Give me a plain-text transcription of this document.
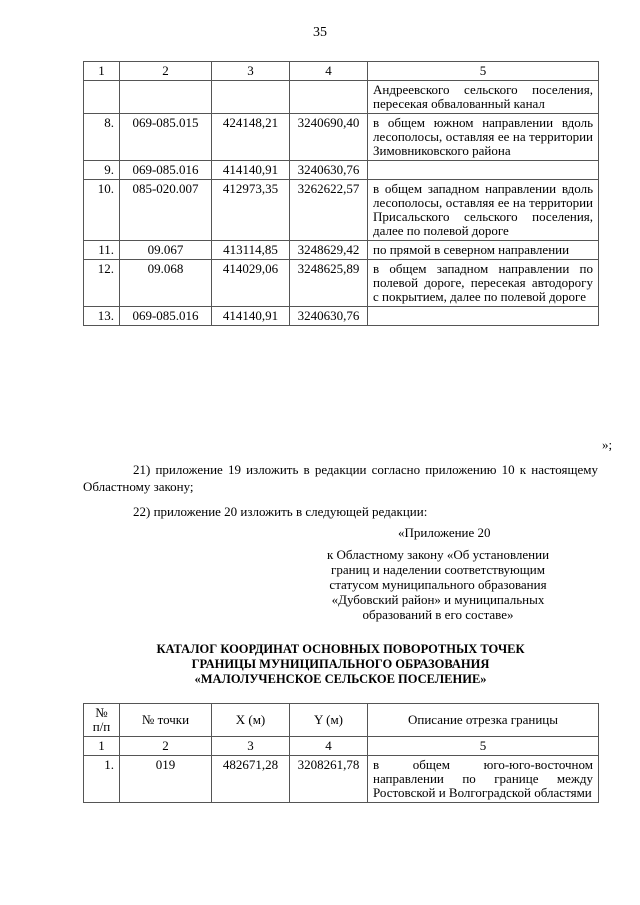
35
1	2	3	4	5
				Андреевского сельского поселения, пересекая обвалованный канал
8.	069-085.015	424148,21	3240690,40	в общем южном направлении вдоль лесополосы, оставляя ее на территории Зимовниковского района
9.	069-085.016	414140,91	3240630,76	
10.	085-020.007	412973,35	3262622,57	в общем западном направлении вдоль лесополосы, оставляя ее на территории Присальского сельского поселения, далее по полевой дороге
11.	09.067	413114,85	3248629,42	по прямой в северном направлении
12.	09.068	414029,06	3248625,89	в общем западном направлении по полевой дороге, пересекая автодорогу с покрытием, далее по полевой дороге
13.	069-085.016	414140,91	3240630,76	
»;
21) приложение 19 изложить в редакции согласно приложению 10 к настоящему Областному закону;
22) приложение 20 изложить в следующей редакции:
«Приложение 20
к Областному закону «Об установлении
границ и наделении соответствующим
статусом муниципального образования
«Дубовский район» и муниципальных
образований в его составе»
КАТАЛОГ КООРДИНАТ ОСНОВНЫХ ПОВОРОТНЫХ ТОЧЕК
ГРАНИЦЫ МУНИЦИПАЛЬНОГО ОБРАЗОВАНИЯ
«МАЛОЛУЧЕНСКОЕ СЕЛЬСКОЕ ПОСЕЛЕНИЕ»
№
п/п	№ точки	X (м)	Y (м)	Описание отрезка границы
1	2	3	4	5
1.	019	482671,28	3208261,78	в общем юго-юго-восточном направлении по границе между Ростовской и Волгоградской областями
